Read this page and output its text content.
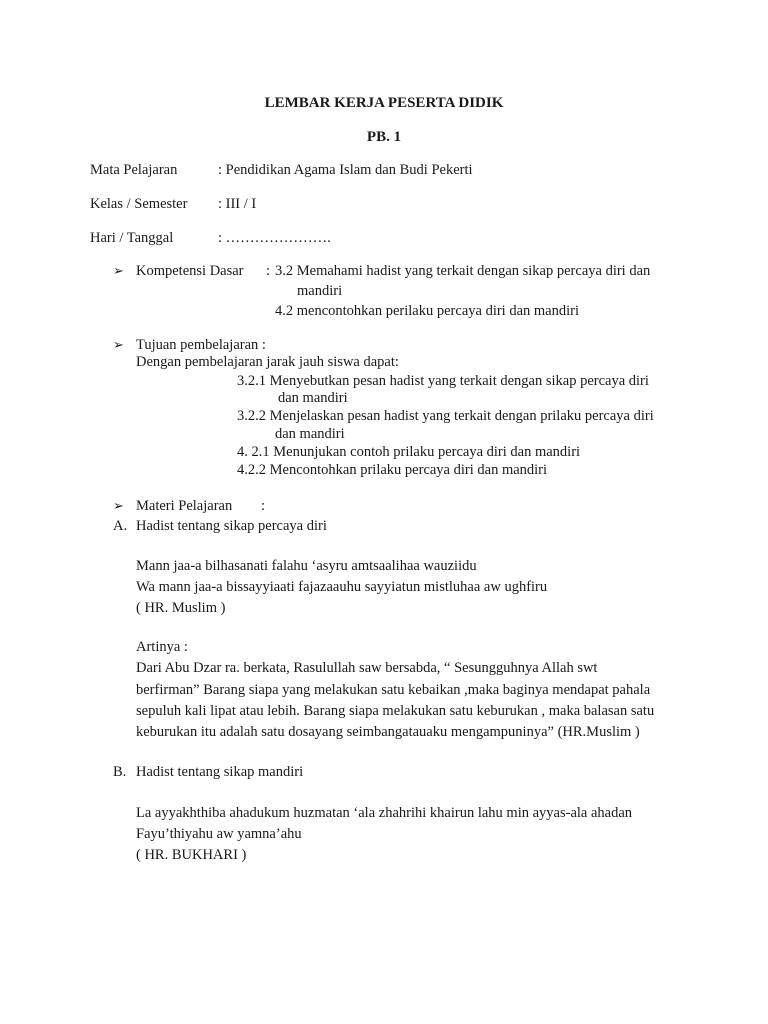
LEMBAR KERJA PESERTA DIDIK
PB. 1
Mata Pelajaran	: Pendidikan Agama Islam dan Budi Pekerti
Kelas / Semester : III / I
Hari / Tanggal	: ………………….
➢ Kompetensi Dasar : 3.2 Memahami hadist yang terkait dengan sikap percaya diri dan
mandiri
4.2 mencontohkan perilaku percaya diri dan mandiri
➢ Tujuan pembelajaran :
Dengan pembelajaran jarak jauh siswa dapat:
3.2.1 Menyebutkan pesan hadist yang terkait dengan sikap percaya diri
dan mandiri
3.2.2 Menjelaskan pesan hadist yang terkait dengan prilaku percaya diri
dan mandiri
4. 2.1 Menunjukan contoh prilaku percaya diri dan mandiri
4.2.2 Mencontohkan prilaku percaya diri dan mandiri
➢ Materi Pelajaran :
A. Hadist tentang sikap percaya diri
Mann jaa-a bilhasanati falahu ‘asyru amtsaalihaa wauziidu
Wa mann jaa-a bissayyiaati fajazaauhu sayyiatun mistluhaa aw ughfiru
( HR. Muslim )
Artinya :
Dari Abu Dzar ra. berkata, Rasulullah saw bersabda, “ Sesungguhnya Allah swt
berfirman” Barang siapa yang melakukan satu kebaikan ,maka baginya mendapat pahala
sepuluh kali lipat atau lebih. Barang siapa melakukan satu keburukan , maka balasan satu
keburukan itu adalah satu dosayang seimbangatauaku mengampuninya” (HR.Muslim )
B. Hadist tentang sikap mandiri
La ayyakhthiba ahadukum huzmatan ‘ala zhahrihi khairun lahu min ayyas-ala ahadan
Fayu’thiyahu aw yamna’ahu
( HR. BUKHARI )
